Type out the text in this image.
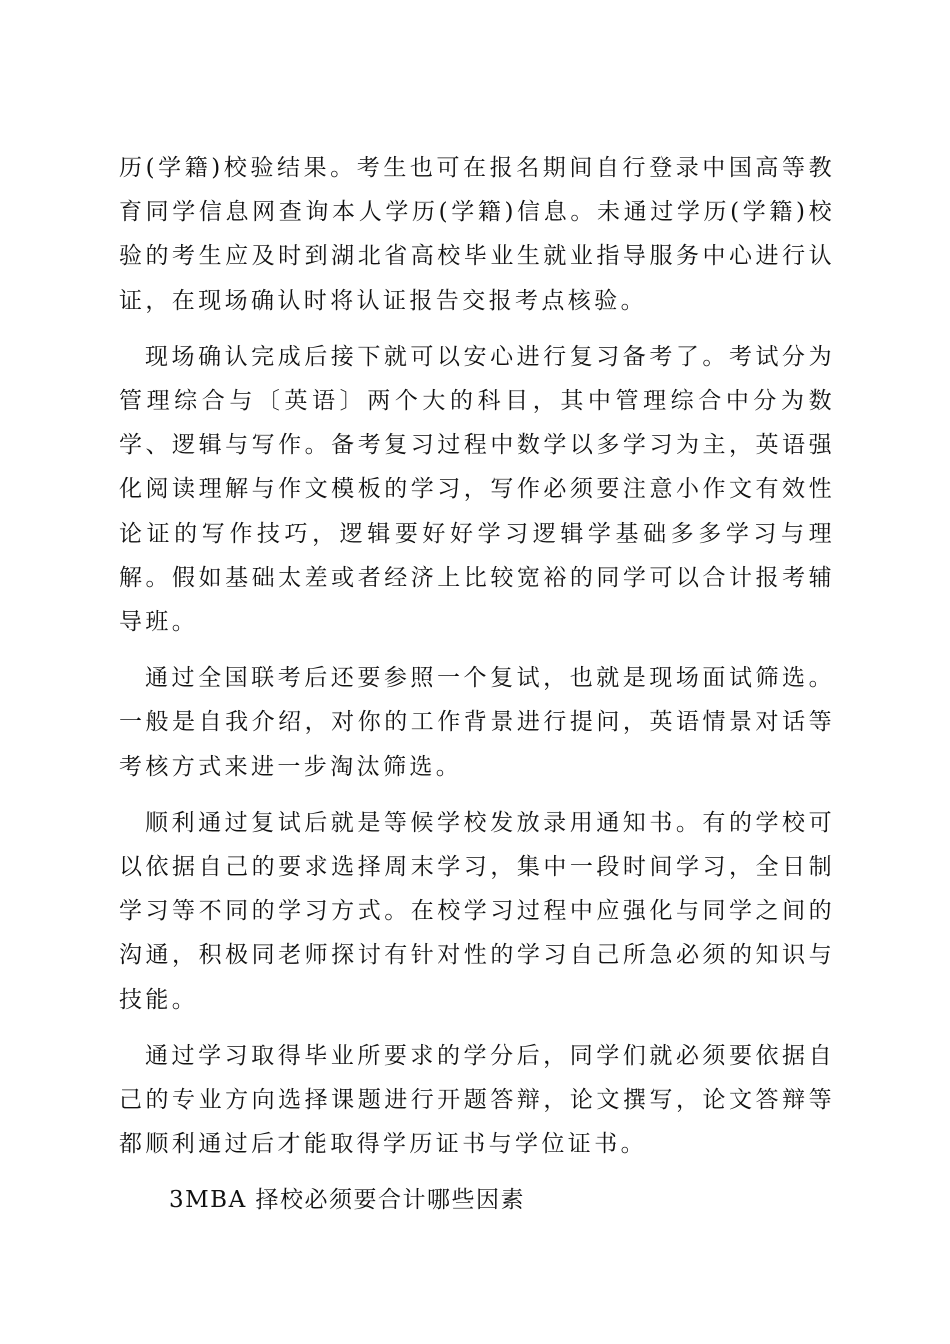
历(学籍)校验结果。考生也可在报名期间自行登录中国高等教育同学信息网查询本人学历(学籍)信息。未通过学历(学籍)校验的考生应及时到湖北省高校毕业生就业指导服务中心进行认证，在现场确认时将认证报告交报考点核验。

现场确认完成后接下就可以安心进行复习备考了。考试分为管理综合与〔英语〕两个大的科目，其中管理综合中分为数学、逻辑与写作。备考复习过程中数学以多学习为主，英语强化阅读理解与作文模板的学习，写作必须要注意小作文有效性论证的写作技巧，逻辑要好好学习逻辑学基础多多学习与理解。假如基础太差或者经济上比较宽裕的同学可以合计报考辅导班。

通过全国联考后还要参照一个复试，也就是现场面试筛选。一般是自我介绍，对你的工作背景进行提问，英语情景对话等考核方式来进一步淘汰筛选。

顺利通过复试后就是等候学校发放录用通知书。有的学校可以依据自己的要求选择周末学习，集中一段时间学习，全日制学习等不同的学习方式。在校学习过程中应强化与同学之间的沟通，积极同老师探讨有针对性的学习自己所急必须的知识与技能。

通过学习取得毕业所要求的学分后，同学们就必须要依据自己的专业方向选择课题进行开题答辩，论文撰写，论文答辩等都顺利通过后才能取得学历证书与学位证书。

3MBA 择校必须要合计哪些因素
